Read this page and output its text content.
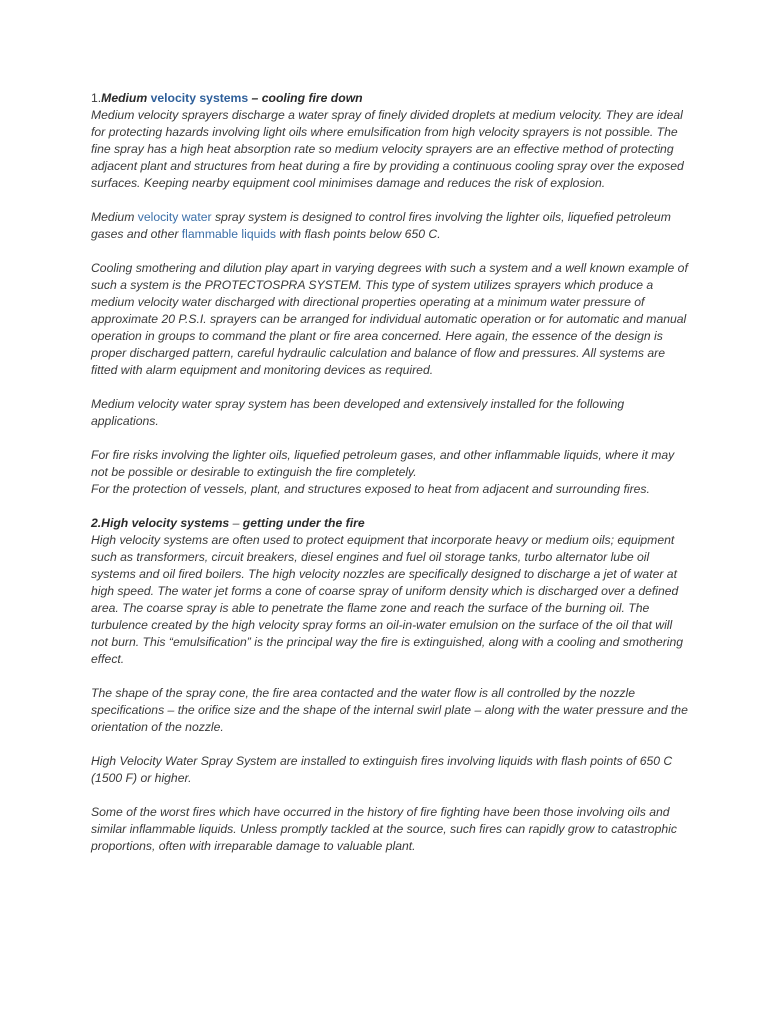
1.Medium velocity systems – cooling fire down

Medium velocity sprayers discharge a water spray of finely divided droplets at medium velocity. They are ideal for protecting hazards involving light oils where emulsification from high velocity sprayers is not possible. The fine spray has a high heat absorption rate so medium velocity sprayers are an effective method of protecting adjacent plant and structures from heat during a fire by providing a continuous cooling spray over the exposed surfaces. Keeping nearby equipment cool minimises damage and reduces the risk of explosion.

Medium velocity water spray system is designed to control fires involving the lighter oils, liquefied petroleum gases and other flammable liquids with flash points below 650 C.

Cooling smothering and dilution play apart in varying degrees with such a system and a well known example of such a system is the PROTECTOSPRA SYSTEM. This type of system utilizes sprayers which produce a medium velocity water discharged with directional properties operating at a minimum water pressure of approximate 20 P.S.I. sprayers can be arranged for individual automatic operation or for automatic and manual operation in groups to command the plant or fire area concerned. Here again, the essence of the design is proper discharged pattern, careful hydraulic calculation and balance of flow and pressures. All systems are fitted with alarm equipment and monitoring devices as required.

Medium velocity water spray system has been developed and extensively installed for the following applications.

For fire risks involving the lighter oils, liquefied petroleum gases, and other inflammable liquids, where it may not be possible or desirable to extinguish the fire completely.

For the protection of vessels, plant, and structures exposed to heat from adjacent and surrounding fires.

2.High velocity systems – getting under the fire

High velocity systems are often used to protect equipment that incorporate heavy or medium oils; equipment such as transformers, circuit breakers, diesel engines and fuel oil storage tanks, turbo alternator lube oil systems and oil fired boilers. The high velocity nozzles are specifically designed to discharge a jet of water at high speed. The water jet forms a cone of coarse spray of uniform density which is discharged over a defined area. The coarse spray is able to penetrate the flame zone and reach the surface of the burning oil. The turbulence created by the high velocity spray forms an oil-in-water emulsion on the surface of the oil that will not burn. This “emulsification” is the principal way the fire is extinguished, along with a cooling and smothering effect.

The shape of the spray cone, the fire area contacted and the water flow is all controlled by the nozzle specifications – the orifice size and the shape of the internal swirl plate – along with the water pressure and the orientation of the nozzle.

High Velocity Water Spray System are installed to extinguish fires involving liquids with flash points of 650 C (1500 F) or higher.

Some of the worst fires which have occurred in the history of fire fighting have been those involving oils and similar inflammable liquids. Unless promptly tackled at the source, such fires can rapidly grow to catastrophic proportions, often with irreparable damage to valuable plant.
